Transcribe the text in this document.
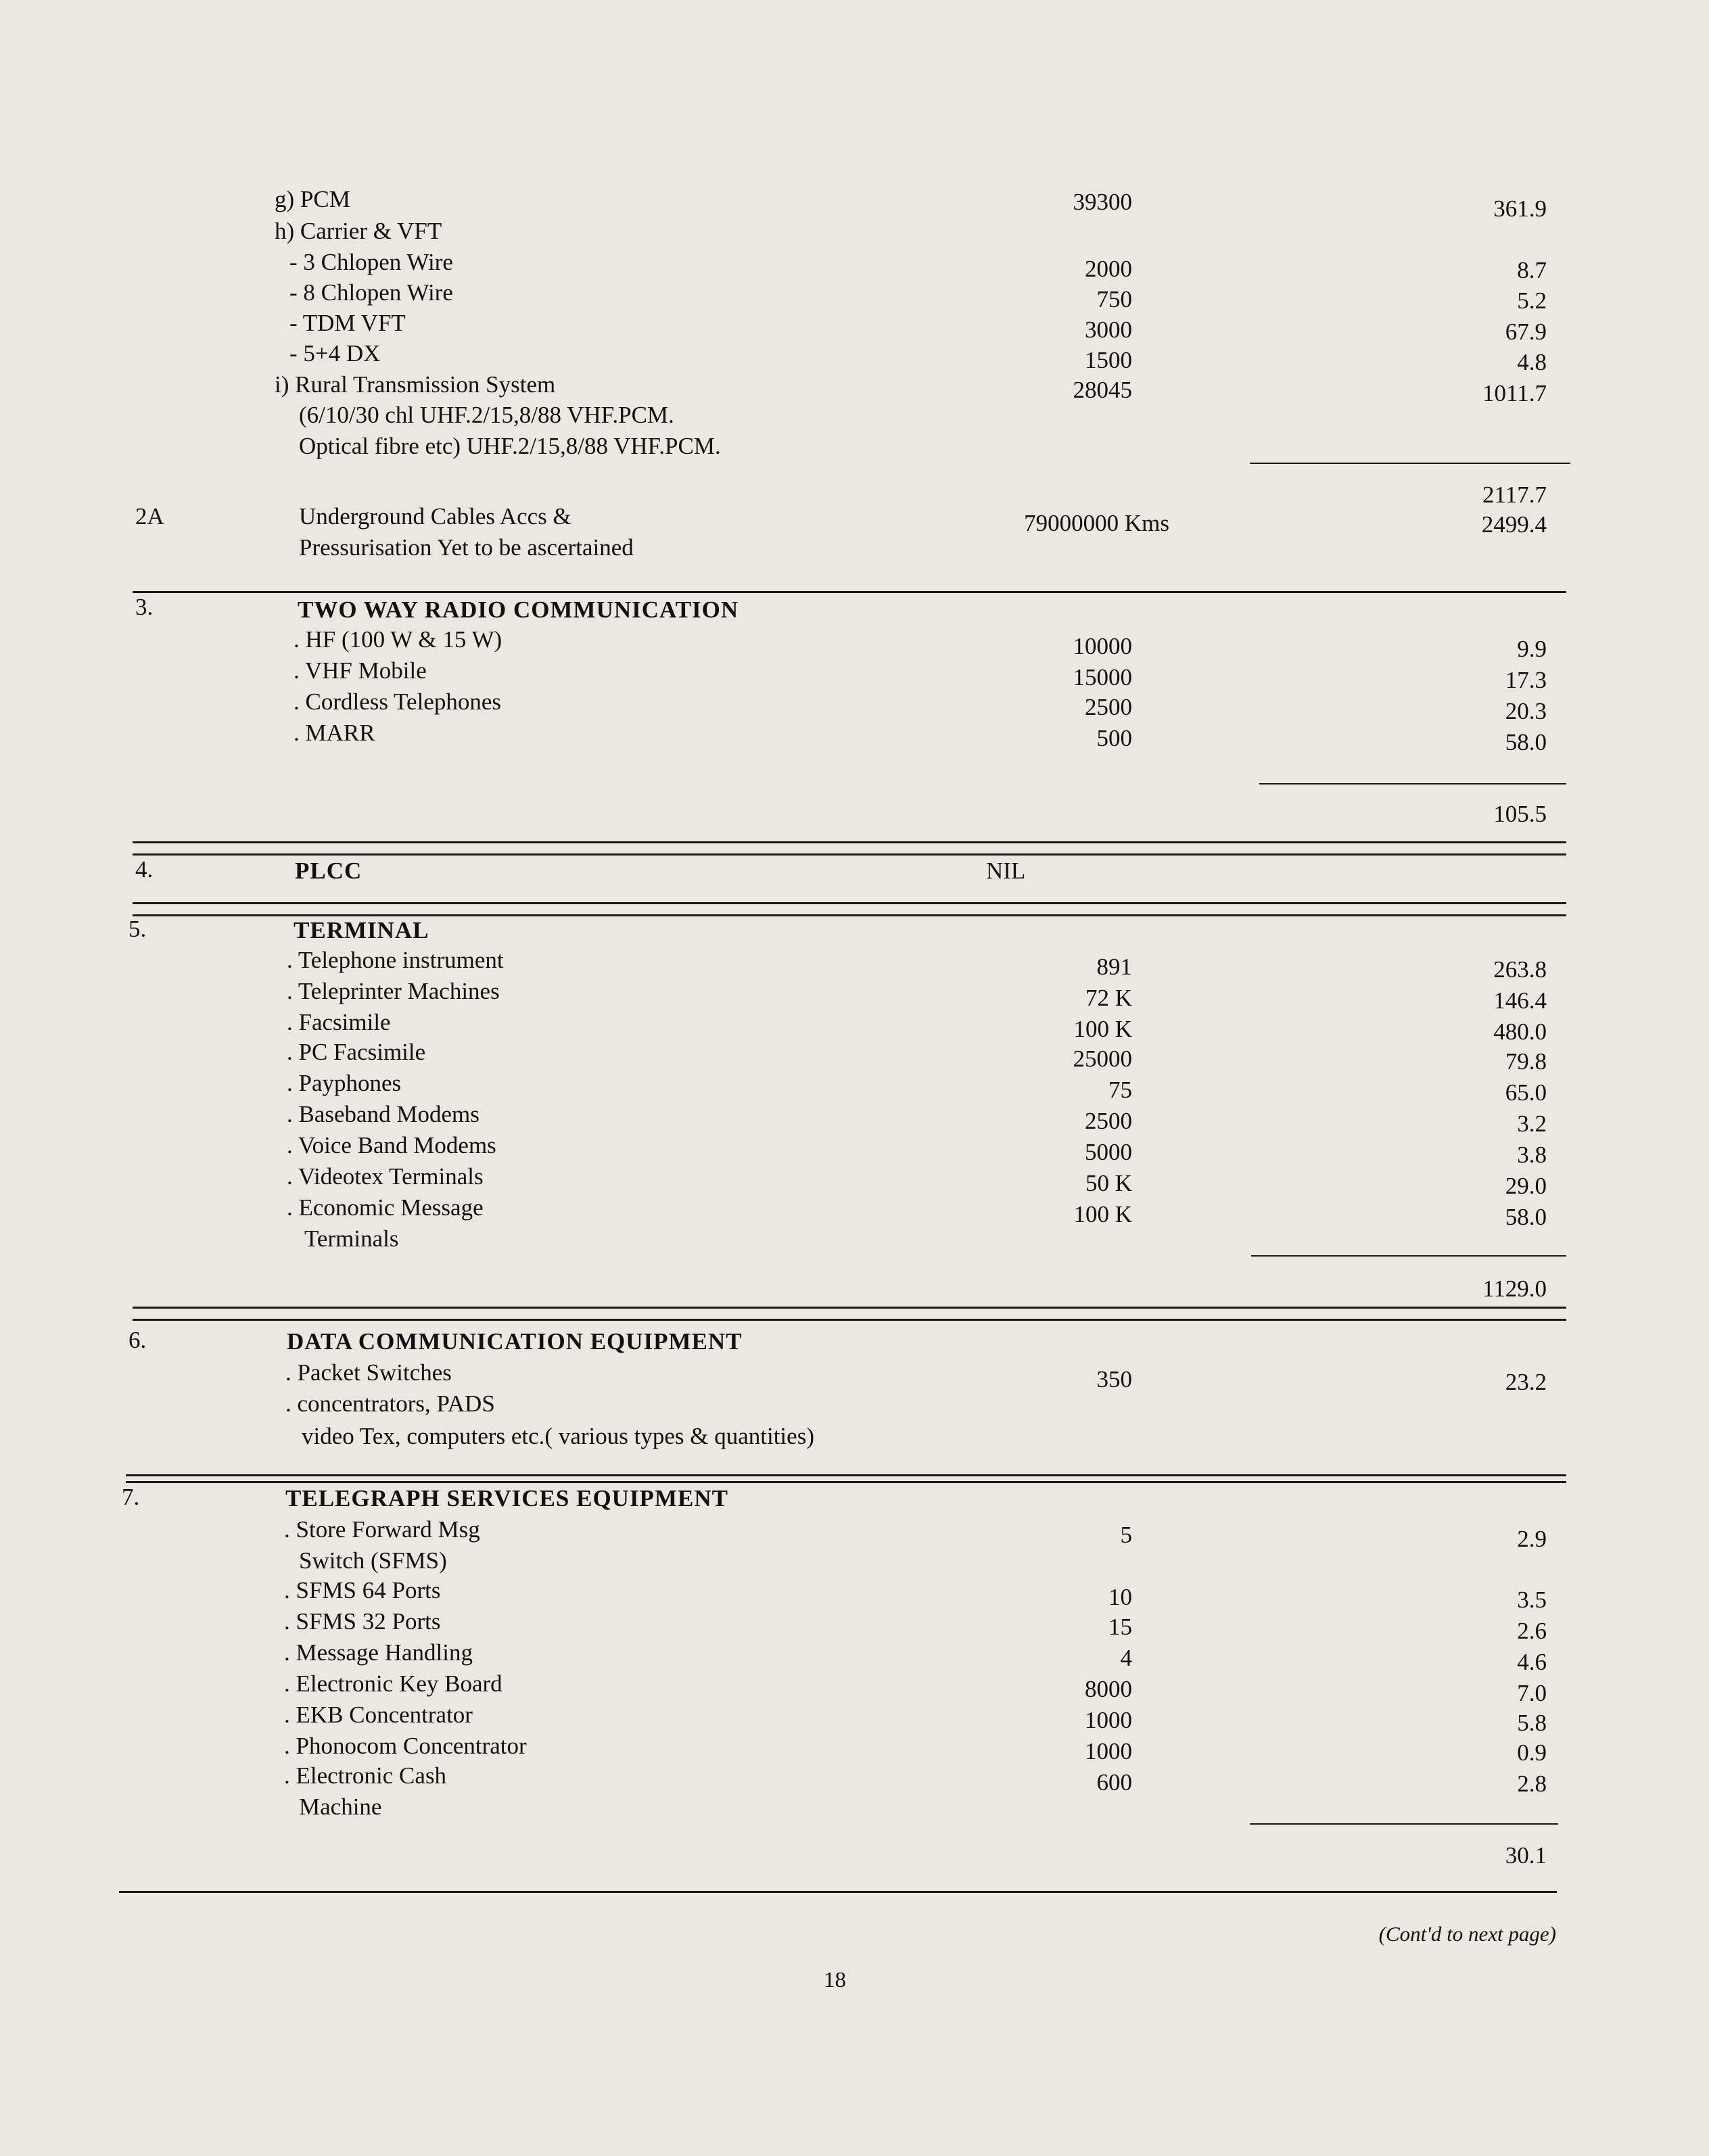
g) PCM	39300	361.9
h) Carrier & VFT
- 3 Chlopen Wire	2000	8.7
- 8 Chlopen Wire	750	5.2
- TDM VFT	3000	67.9
- 5+4 DX	1500	4.8
i) Rural Transmission System	28045	1011.7
(6/10/30 chl UHF.2/15,8/88 VHF.PCM.
Optical fibre etc) UHF.2/15,8/88 VHF.PCM.
2117.7
2A	Underground Cables Accs &
Pressurisation Yet to be ascertained
79000000 Kms	2499.4
3.	TWO WAY RADIO COMMUNICATION
. HF (100 W & 15 W)	10000	9.9
. VHF Mobile	15000	17.3
. Cordless Telephones	2500	20.3
. MARR	500	58.0
105.5
4.	PLCC	NIL
5.	TERMINAL
. Telephone instrument	891	263.8
. Teleprinter Machines	72 K	146.4
. Facsimile	100 K	480.0
. PC Facsimile	25000	79.8
. Payphones	75	65.0
. Baseband Modems	2500	3.2
. Voice Band Modems	5000	3.8
. Videotex Terminals	50 K	29.0
. Economic Message	100 K	58.0
Terminals
1129.0
6.	DATA COMMUNICATION EQUIPMENT
. Packet Switches	350	23.2
. concentrators, PADS
video Tex, computers etc.( various types & quantities)
7.	TELEGRAPH SERVICES EQUIPMENT
. Store Forward Msg	5	2.9
Switch (SFMS)
. SFMS 64 Ports	10	3.5
. SFMS 32 Ports	15	2.6
. Message Handling	4	4.6
. Electronic Key Board	8000	7.0
. EKB Concentrator	1000	5.8
. Phonocom Concentrator	1000	0.9
. Electronic Cash	600	2.8
Machine
30.1
(Cont'd to next page)
18
